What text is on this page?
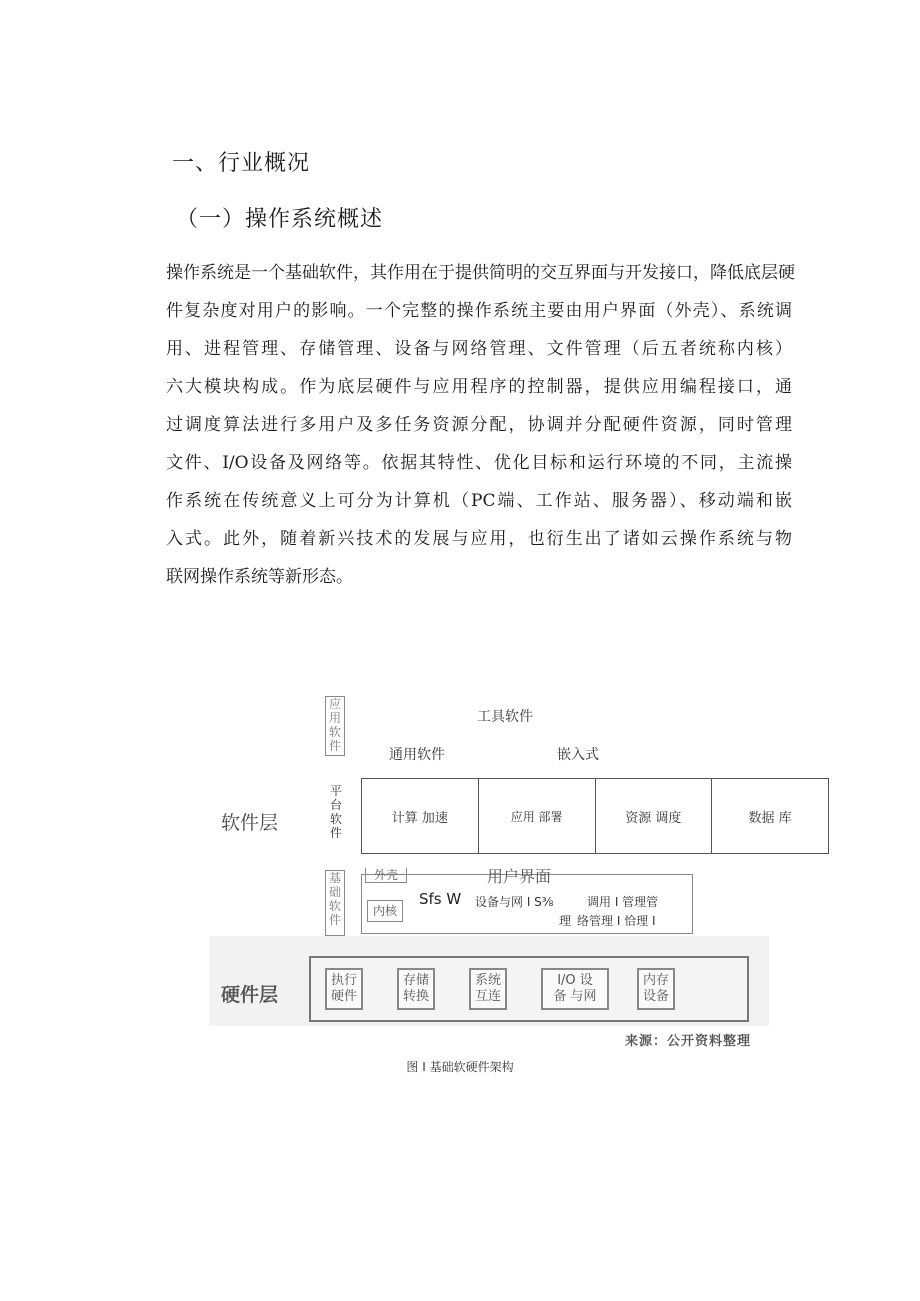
一、行业概况
（一）操作系统概述
操作系统是一个基础软件，其作用在于提供简明的交互界面与开发接口，降低底层硬
件复杂度对用户的影响。一个完整的操作系统主要由用户界面（外壳）、系统调
用、进程管理、存储管理、设备与网络管理、文件管理（后五者统称内核）
六大模块构成。作为底层硬件与应用程序的控制器，提供应用编程接口，通
过调度算法进行多用户及多任务资源分配，协调并分配硬件资源，同时管理
文件、I/O设备及网络等。依据其特性、优化目标和运行环境的不同，主流操
作系统在传统意义上可分为计算机（PC端、工作站、服务器）、移动端和嵌
入式。此外，随着新兴技术的发展与应用，也衍生出了诸如云操作系统与物
联网操作系统等新形态。
应
用
软
件
工具软件
通用软件	嵌入式
平
台
软
件
软件层	计算 加速	应用 部署	资源 调度	数据 库
基
础
软
件
外壳	用户界面
内核
Sfs W 设备与网 I S⅜	调用 I 管理管
理 络管理 I 恰理 I
硬件层
执行
硬件
存储
转换
系统
互连
I/O 设
备 与网
内存
设备
来源：公开资料整理
图 I 基础软硬件架构
